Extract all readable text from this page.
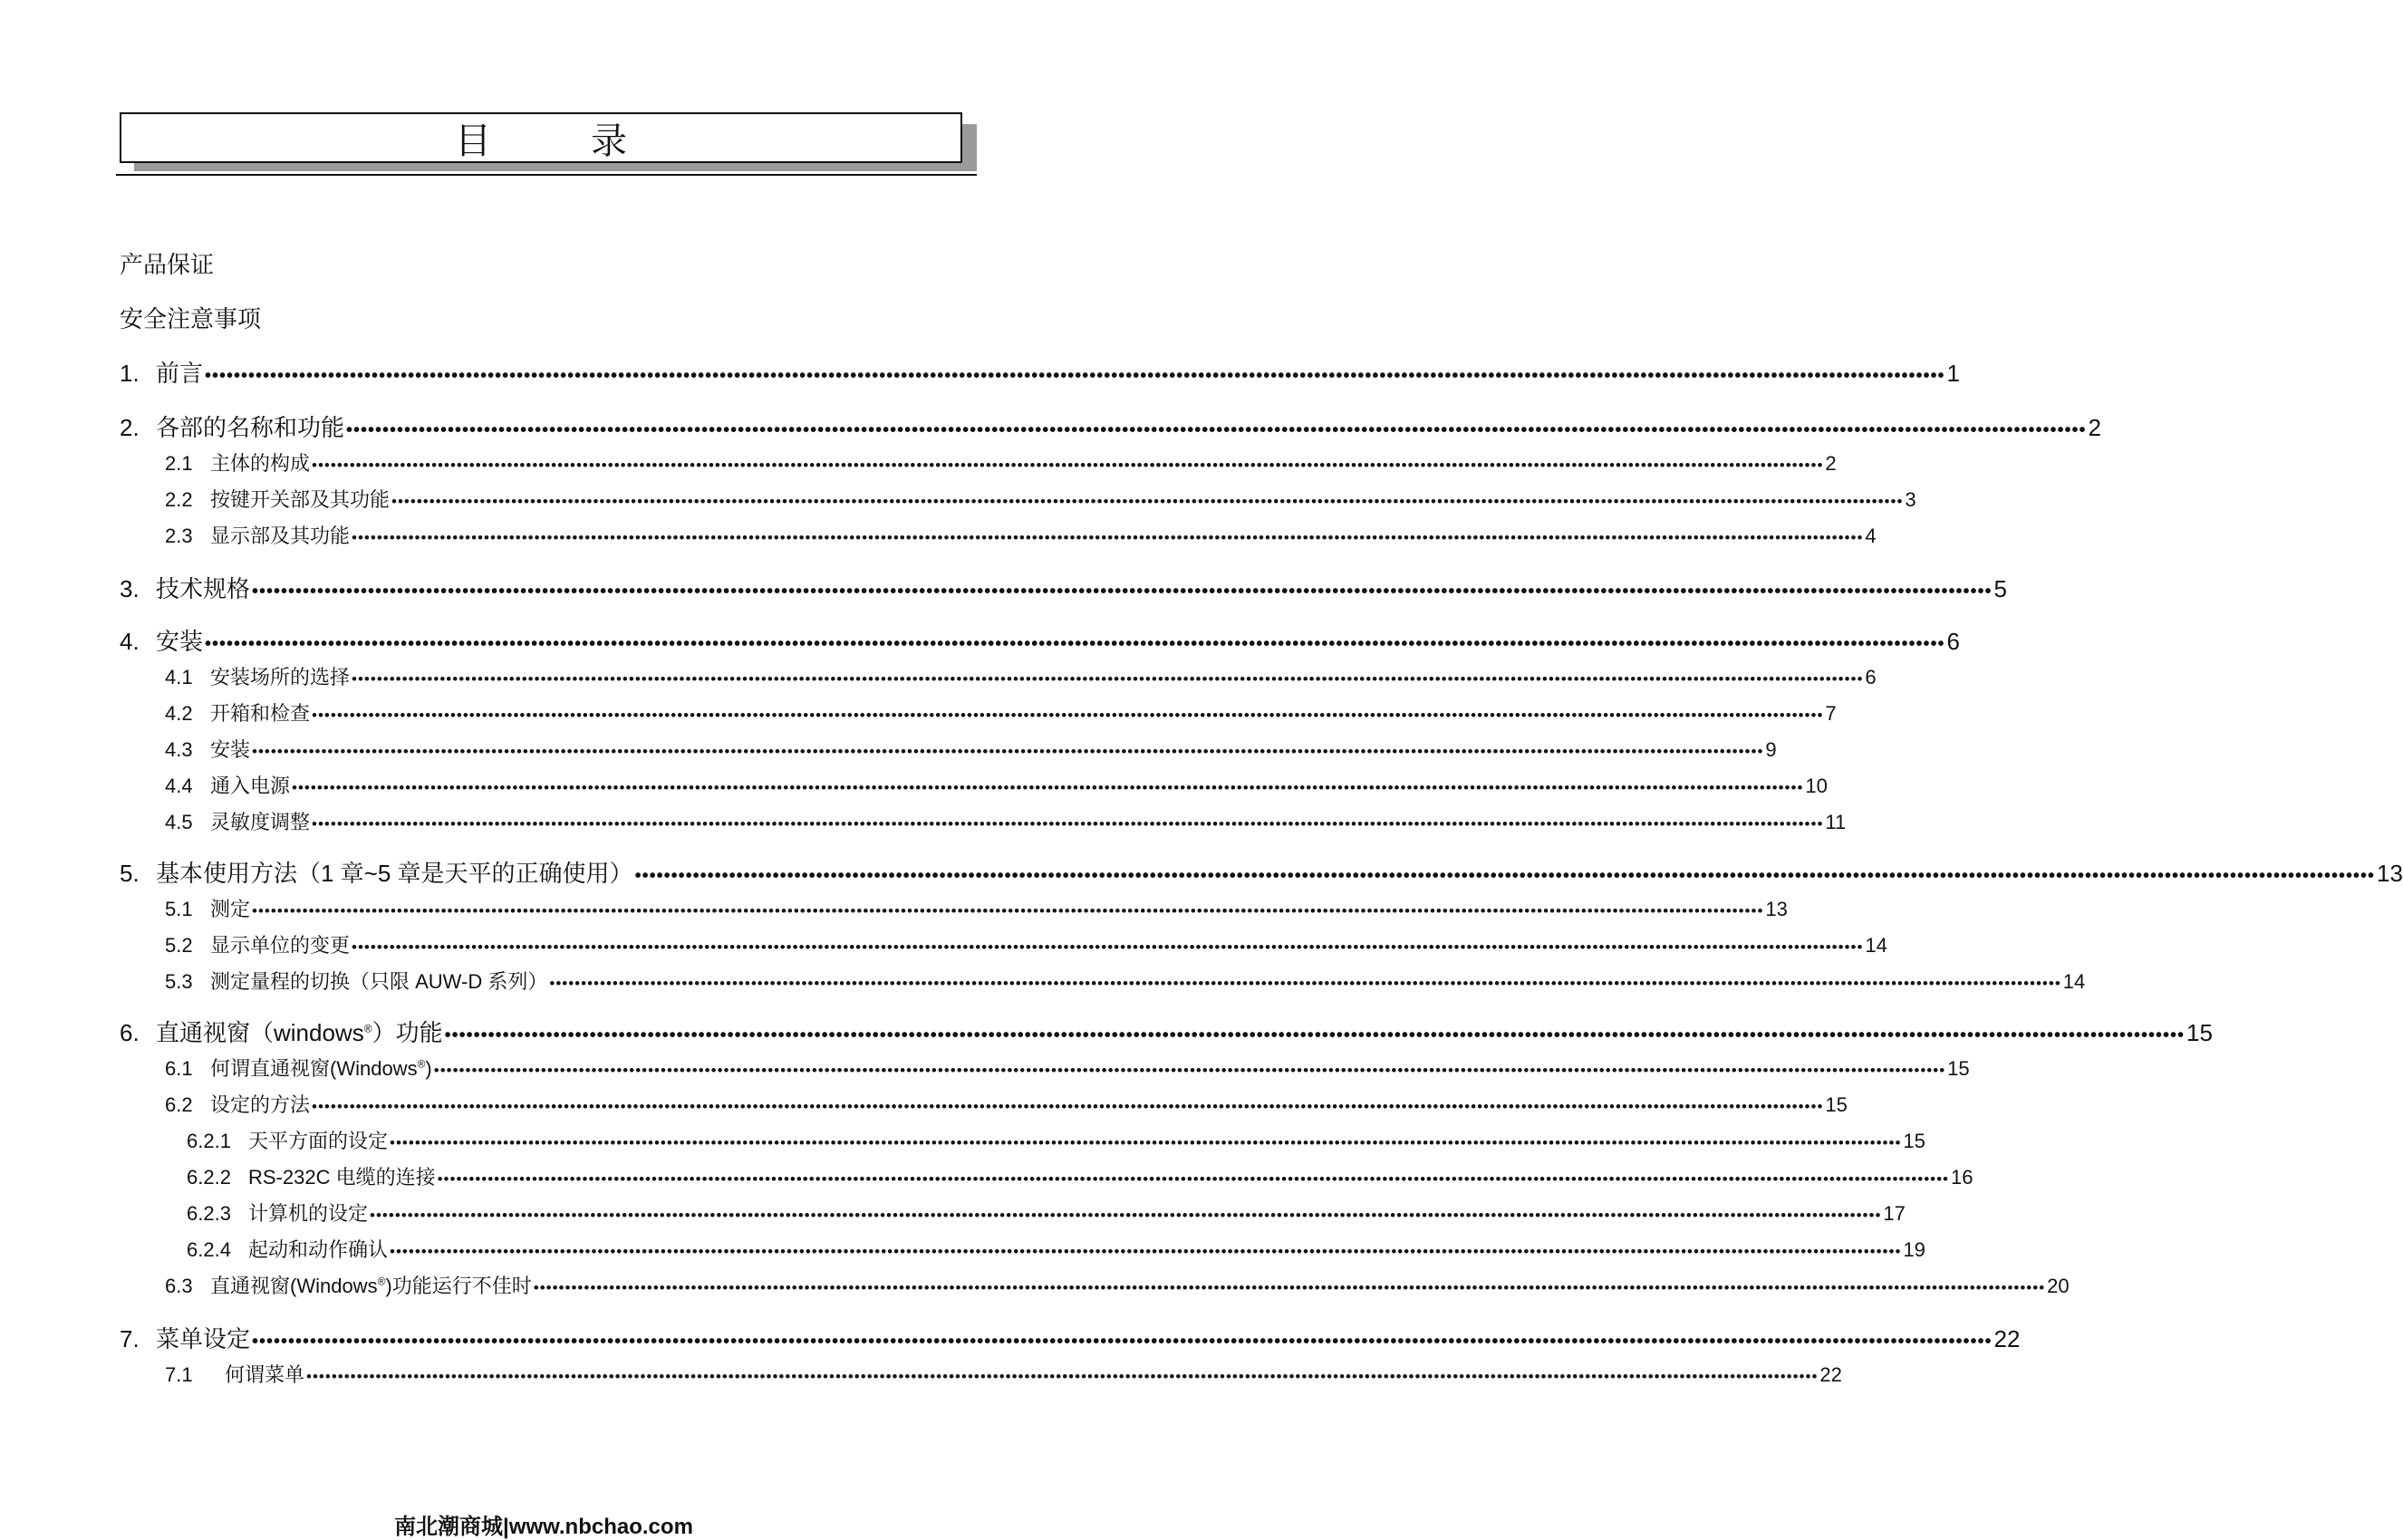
目录
产品保证
安全注意事项
1. 前言 •••••••••••••••••••••••••••••••••••••••••••••••••••••••••••••••••••••••••••••••••••••••••••••••••••••••••••••••••••••••••••••••••••••••••••••••••••••••••••••••••••••••••••••••••••••••••••••••••••••••••••••••••••••••••••••••••••••••••••••••• 1
2. 各部的名称和功能 •••••••••••••••••••••••••••••••••••••••••••••••••••••••••••••••••••••••••••••••••••••••••••••••••••••••••••••••••••••••••••••••••••••••••••••••••••••••••••••••••••••••••••••••••••••••••••••••••••••••••••••••••••••••••••••••••••••••••••••••• 2
2.1 主体的构成 •••••••••••••••••••••••••••••••••••••••••••••••••••••••••••••••••••••••••••••••••••••••••••••••••••••••••••••••••••••••••••••••••••••••••••••••••••••••••••••••••••••••••••••••••••••••••••••••••••••••••••••••••••••••••••••••••••••••••••••••• 2
2.2 按键开关部及其功能 •••••••••••••••••••••••••••••••••••••••••••••••••••••••••••••••••••••••••••••••••••••••••••••••••••••••••••••••••••••••••••••••••••••••••••••••••••••••••••••••••••••••••••••••••••••••••••••••••••••••••••••••••••••••••••••••••••••••••••••••• 3
2.3 显示部及其功能 •••••••••••••••••••••••••••••••••••••••••••••••••••••••••••••••••••••••••••••••••••••••••••••••••••••••••••••••••••••••••••••••••••••••••••••••••••••••••••••••••••••••••••••••••••••••••••••••••••••••••••••••••••••••••••••••••••••••••••••••• 4
3. 技术规格 •••••••••••••••••••••••••••••••••••••••••••••••••••••••••••••••••••••••••••••••••••••••••••••••••••••••••••••••••••••••••••••••••••••••••••••••••••••••••••••••••••••••••••••••••••••••••••••••••••••••••••••••••••••••••••••••••••••••••••••••• 5
4. 安装 •••••••••••••••••••••••••••••••••••••••••••••••••••••••••••••••••••••••••••••••••••••••••••••••••••••••••••••••••••••••••••••••••••••••••••••••••••••••••••••••••••••••••••••••••••••••••••••••••••••••••••••••••••••••••••••••••••••••••••••••• 6
4.1 安装场所的选择 •••••••••••••••••••••••••••••••••••••••••••••••••••••••••••••••••••••••••••••••••••••••••••••••••••••••••••••••••••••••••••••••••••••••••••••••••••••••••••••••••••••••••••••••••••••••••••••••••••••••••••••••••••••••••••••••••••••••••••••••• 6
4.2 开箱和检查 •••••••••••••••••••••••••••••••••••••••••••••••••••••••••••••••••••••••••••••••••••••••••••••••••••••••••••••••••••••••••••••••••••••••••••••••••••••••••••••••••••••••••••••••••••••••••••••••••••••••••••••••••••••••••••••••••••••••••••••••• 7
4.3 安装 •••••••••••••••••••••••••••••••••••••••••••••••••••••••••••••••••••••••••••••••••••••••••••••••••••••••••••••••••••••••••••••••••••••••••••••••••••••••••••••••••••••••••••••••••••••••••••••••••••••••••••••••••••••••••••••••••••••••••••••••• 9
4.4 通入电源 •••••••••••••••••••••••••••••••••••••••••••••••••••••••••••••••••••••••••••••••••••••••••••••••••••••••••••••••••••••••••••••••••••••••••••••••••••••••••••••••••••••••••••••••••••••••••••••••••••••••••••••••••••••••••••••••••••••••••••••••• 10
4.5 灵敏度调整 •••••••••••••••••••••••••••••••••••••••••••••••••••••••••••••••••••••••••••••••••••••••••••••••••••••••••••••••••••••••••••••••••••••••••••••••••••••••••••••••••••••••••••••••••••••••••••••••••••••••••••••••••••••••••••••••••••••••••••••••• 11
5. 基本使用方法（1 章~5 章是天平的正确使用） •••••••••••••••••••••••••••••••••••••••••••••••••••••••••••••••••••••••••••••••••••••••••••••••••••••••••••••••••••••••••••••••••••••••••••••••••••••••••••••••••••••••••••••••••••••••••••••••••••••••••••••••••••••••••••••••••••••••••••••••• 13
5.1 测定 •••••••••••••••••••••••••••••••••••••••••••••••••••••••••••••••••••••••••••••••••••••••••••••••••••••••••••••••••••••••••••••••••••••••••••••••••••••••••••••••••••••••••••••••••••••••••••••••••••••••••••••••••••••••••••••••••••••••••••••••• 13
5.2 显示单位的变更 •••••••••••••••••••••••••••••••••••••••••••••••••••••••••••••••••••••••••••••••••••••••••••••••••••••••••••••••••••••••••••••••••••••••••••••••••••••••••••••••••••••••••••••••••••••••••••••••••••••••••••••••••••••••••••••••••••••••••••••••• 14
5.3 测定量程的切换（只限 AUW-D 系列） •••••••••••••••••••••••••••••••••••••••••••••••••••••••••••••••••••••••••••••••••••••••••••••••••••••••••••••••••••••••••••••••••••••••••••••••••••••••••••••••••••••••••••••••••••••••••••••••••••••••••••••••••••••••••••••••••••••••••••••••• 14
6. 直通视窗（windows®）功能 •••••••••••••••••••••••••••••••••••••••••••••••••••••••••••••••••••••••••••••••••••••••••••••••••••••••••••••••••••••••••••••••••••••••••••••••••••••••••••••••••••••••••••••••••••••••••••••••••••••••••••••••••••••••••••••••••••••••••••••••• 15
6.1 何谓直通视窗(Windows®) •••••••••••••••••••••••••••••••••••••••••••••••••••••••••••••••••••••••••••••••••••••••••••••••••••••••••••••••••••••••••••••••••••••••••••••••••••••••••••••••••••••••••••••••••••••••••••••••••••••••••••••••••••••••••••••••••••••••••••••••• 15
6.2 设定的方法 •••••••••••••••••••••••••••••••••••••••••••••••••••••••••••••••••••••••••••••••••••••••••••••••••••••••••••••••••••••••••••••••••••••••••••••••••••••••••••••••••••••••••••••••••••••••••••••••••••••••••••••••••••••••••••••••••••••••••••••••• 15
6.2.1 天平方面的设定 •••••••••••••••••••••••••••••••••••••••••••••••••••••••••••••••••••••••••••••••••••••••••••••••••••••••••••••••••••••••••••••••••••••••••••••••••••••••••••••••••••••••••••••••••••••••••••••••••••••••••••••••••••••••••••••••••••••••••••••••• 15
6.2.2 RS-232C 电缆的连接 •••••••••••••••••••••••••••••••••••••••••••••••••••••••••••••••••••••••••••••••••••••••••••••••••••••••••••••••••••••••••••••••••••••••••••••••••••••••••••••••••••••••••••••••••••••••••••••••••••••••••••••••••••••••••••••••••••••••••••••••• 16
6.2.3 计算机的设定 •••••••••••••••••••••••••••••••••••••••••••••••••••••••••••••••••••••••••••••••••••••••••••••••••••••••••••••••••••••••••••••••••••••••••••••••••••••••••••••••••••••••••••••••••••••••••••••••••••••••••••••••••••••••••••••••••••••••••••••••• 17
6.2.4 起动和动作确认 •••••••••••••••••••••••••••••••••••••••••••••••••••••••••••••••••••••••••••••••••••••••••••••••••••••••••••••••••••••••••••••••••••••••••••••••••••••••••••••••••••••••••••••••••••••••••••••••••••••••••••••••••••••••••••••••••••••••••••••••• 19
6.3 直通视窗(Windows®)功能运行不佳时 •••••••••••••••••••••••••••••••••••••••••••••••••••••••••••••••••••••••••••••••••••••••••••••••••••••••••••••••••••••••••••••••••••••••••••••••••••••••••••••••••••••••••••••••••••••••••••••••••••••••••••••••••••••••••••••••••••••••••••••••• 20
7. 菜单设定 •••••••••••••••••••••••••••••••••••••••••••••••••••••••••••••••••••••••••••••••••••••••••••••••••••••••••••••••••••••••••••••••••••••••••••••••••••••••••••••••••••••••••••••••••••••••••••••••••••••••••••••••••••••••••••••••••••••••••••••••• 22
7.1	何谓菜单 •••••••••••••••••••••••••••••••••••••••••••••••••••••••••••••••••••••••••••••••••••••••••••••••••••••••••••••••••••••••••••••••••••••••••••••••••••••••••••••••••••••••••••••••••••••••••••••••••••••••••••••••••••••••••••••••••••••••••••••••• 22
南北潮商城|www.nbchao.com
